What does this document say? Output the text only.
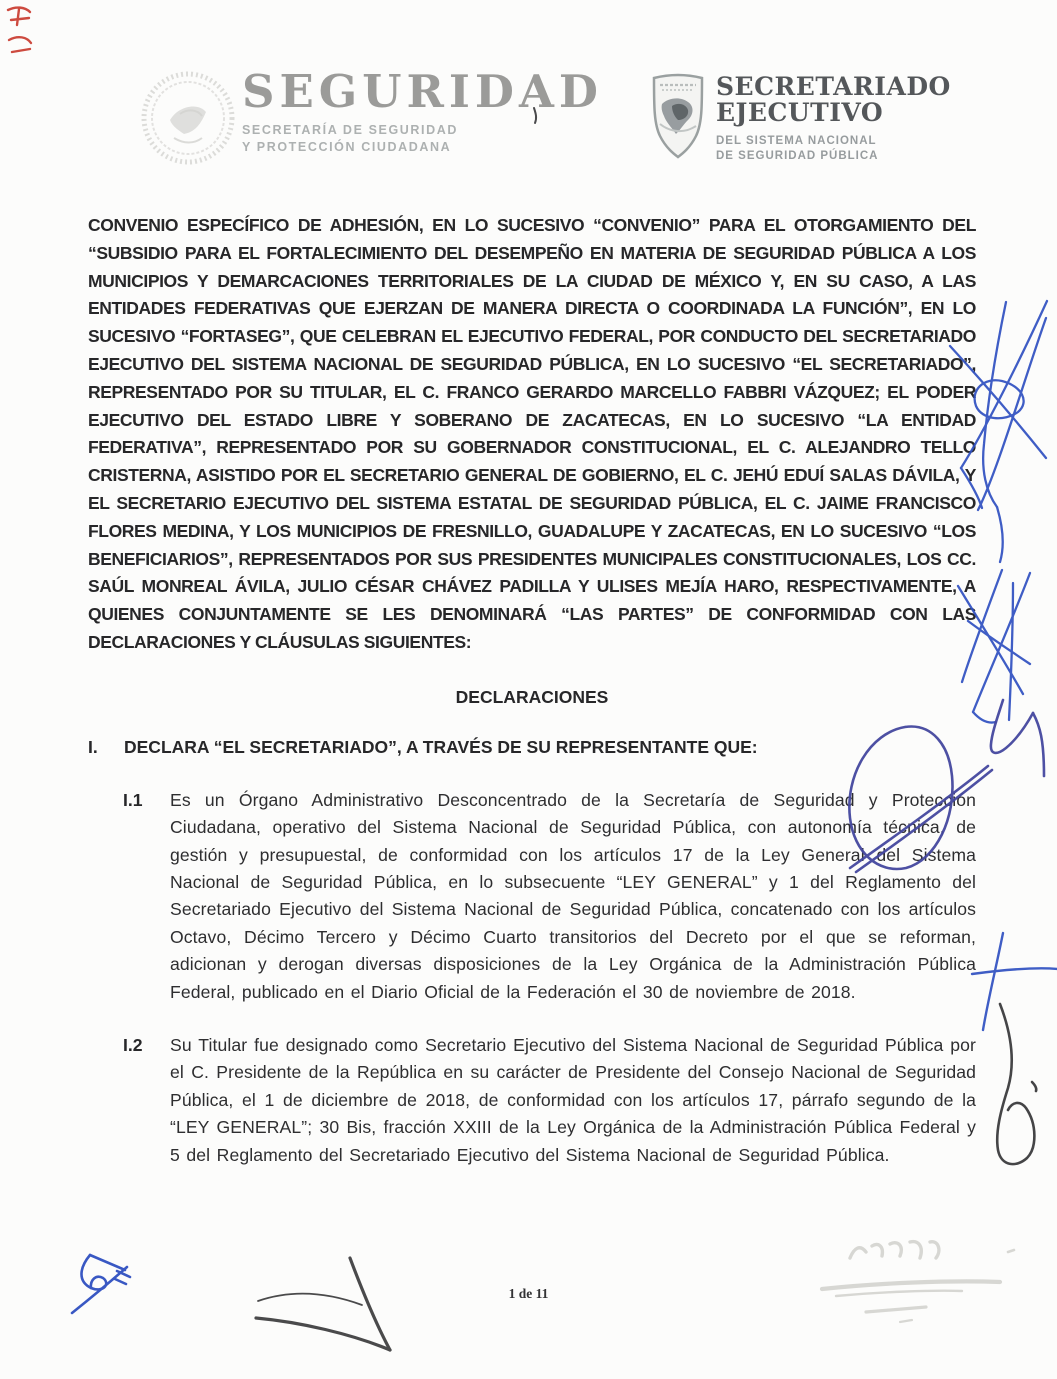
SEGURIDAD
SECRETARÍA DE SEGURIDAD
Y PROTECCIÓN CIUDADANA
SECRETARIADO
EJECUTIVO
DEL SISTEMA NACIONAL
DE SEGURIDAD PÚBLICA

CONVENIO ESPECÍFICO DE ADHESIÓN, EN LO SUCESIVO “CONVENIO” PARA EL OTORGAMIENTO DEL “SUBSIDIO PARA EL FORTALECIMIENTO DEL DESEMPEÑO EN MATERIA DE SEGURIDAD PÚBLICA A LOS MUNICIPIOS Y DEMARCACIONES TERRITORIALES DE LA CIUDAD DE MÉXICO Y, EN SU CASO, A LAS ENTIDADES FEDERATIVAS QUE EJERZAN DE MANERA DIRECTA O COORDINADA LA FUNCIÓN”, EN LO SUCESIVO “FORTASEG”, QUE CELEBRAN EL EJECUTIVO FEDERAL, POR CONDUCTO DEL SECRETARIADO EJECUTIVO DEL SISTEMA NACIONAL DE SEGURIDAD PÚBLICA, EN LO SUCESIVO “EL SECRETARIADO”, REPRESENTADO POR SU TITULAR, EL C. FRANCO GERARDO MARCELLO FABBRI VÁZQUEZ; EL PODER EJECUTIVO DEL ESTADO LIBRE Y SOBERANO DE ZACATECAS, EN LO SUCESIVO “LA ENTIDAD FEDERATIVA”, REPRESENTADO POR SU GOBERNADOR CONSTITUCIONAL, EL C. ALEJANDRO TELLO CRISTERNA, ASISTIDO POR EL SECRETARIO GENERAL DE GOBIERNO, EL C. JEHÚ EDUÍ SALAS DÁVILA, Y EL SECRETARIO EJECUTIVO DEL SISTEMA ESTATAL DE SEGURIDAD PÚBLICA, EL C. JAIME FRANCISCO FLORES MEDINA, Y LOS MUNICIPIOS DE FRESNILLO, GUADALUPE Y ZACATECAS, EN LO SUCESIVO “LOS BENEFICIARIOS”, REPRESENTADOS POR SUS PRESIDENTES MUNICIPALES CONSTITUCIONALES, LOS CC. SAÚL MONREAL ÁVILA, JULIO CÉSAR CHÁVEZ PADILLA Y ULISES MEJÍA HARO, RESPECTIVAMENTE, A QUIENES CONJUNTAMENTE SE LES DENOMINARÁ “LAS PARTES” DE CONFORMIDAD CON LAS DECLARACIONES Y CLÁUSULAS SIGUIENTES:

DECLARACIONES
I.	DECLARA “EL SECRETARIADO”, A TRAVÉS DE SU REPRESENTANTE QUE:
I.1	Es un Órgano Administrativo Desconcentrado de la Secretaría de Seguridad y Protección Ciudadana, operativo del Sistema Nacional de Seguridad Pública, con autonomía técnica, de gestión y presupuestal, de conformidad con los artículos 17 de la Ley General del Sistema Nacional de Seguridad Pública, en lo subsecuente “LEY GENERAL” y 1 del Reglamento del Secretariado Ejecutivo del Sistema Nacional de Seguridad Pública, concatenado con los artículos Octavo, Décimo Tercero y Décimo Cuarto transitorios del Decreto por el que se reforman, adicionan y derogan diversas disposiciones de la Ley Orgánica de la Administración Pública Federal, publicado en el Diario Oficial de la Federación el 30 de noviembre de 2018.

I.2	Su Titular fue designado como Secretario Ejecutivo del Sistema Nacional de Seguridad Pública por el C. Presidente de la República en su carácter de Presidente del Consejo Nacional de Seguridad Pública, el 1 de diciembre de 2018, de conformidad con los artículos 17, párrafo segundo de la “LEY GENERAL”; 30 Bis, fracción XXIII de la Ley Orgánica de la Administración Pública Federal y 5 del Reglamento del Secretariado Ejecutivo del Sistema Nacional de Seguridad Pública.

1 de 11
